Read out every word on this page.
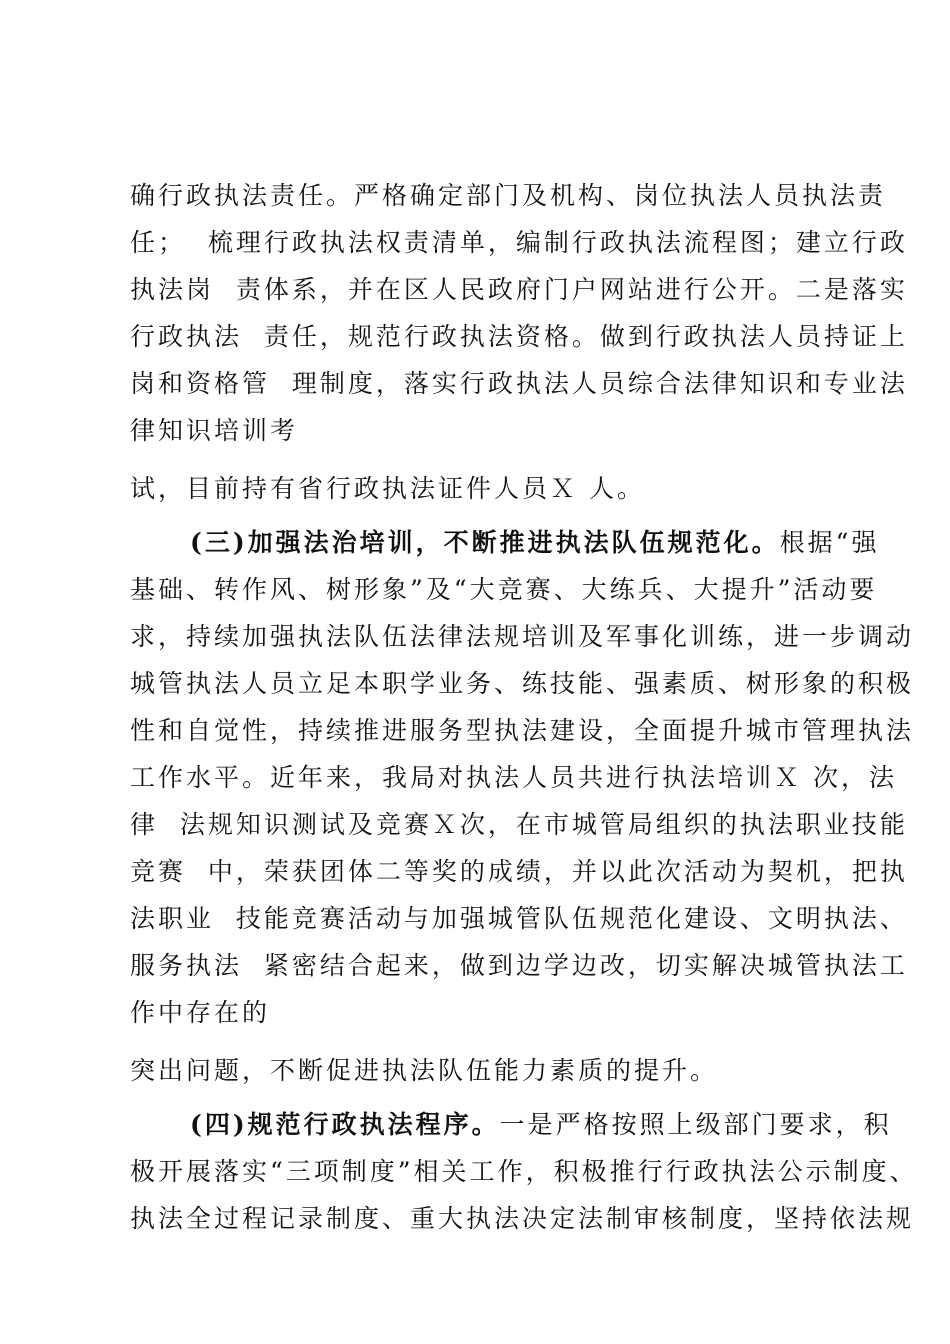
确行政执法责任。严格确定部门及机构、岗位执法人员执法责
任；  梳理行政执法权责清单，编制行政执法流程图；建立行政
执法岗  责体系，并在区人民政府门户网站进行公开。二是落实
行政执法  责任，规范行政执法资格。做到行政执法人员持证上
岗和资格管  理制度，落实行政执法人员综合法律知识和专业法
律知识培训考
试，目前持有省行政执法证件人员Ｘ 人。
(三)加强法治培训，不断推进执法队伍规范化。根据“强
基础、转作风、树形象”及“大竞赛、大练兵、大提升”活动要
求，持续加强执法队伍法律法规培训及军事化训练，进一步调动
城管执法人员立足本职学业务、练技能、强素质、树形象的积极
性和自觉性，持续推进服务型执法建设，全面提升城市管理执法
工作水平。近年来，我局对执法人员共进行执法培训Ｘ 次，法
律  法规知识测试及竞赛Ｘ次，在市城管局组织的执法职业技能
竞赛  中，荣获团体二等奖的成绩，并以此次活动为契机，把执
法职业  技能竞赛活动与加强城管队伍规范化建设、文明执法、
服务执法  紧密结合起来，做到边学边改，切实解决城管执法工
作中存在的
突出问题，不断促进执法队伍能力素质的提升。
(四)规范行政执法程序。一是严格按照上级部门要求，积
极开展落实“三项制度”相关工作，积极推行行政执法公示制度、
执法全过程记录制度、重大执法决定法制审核制度，坚持依法规
